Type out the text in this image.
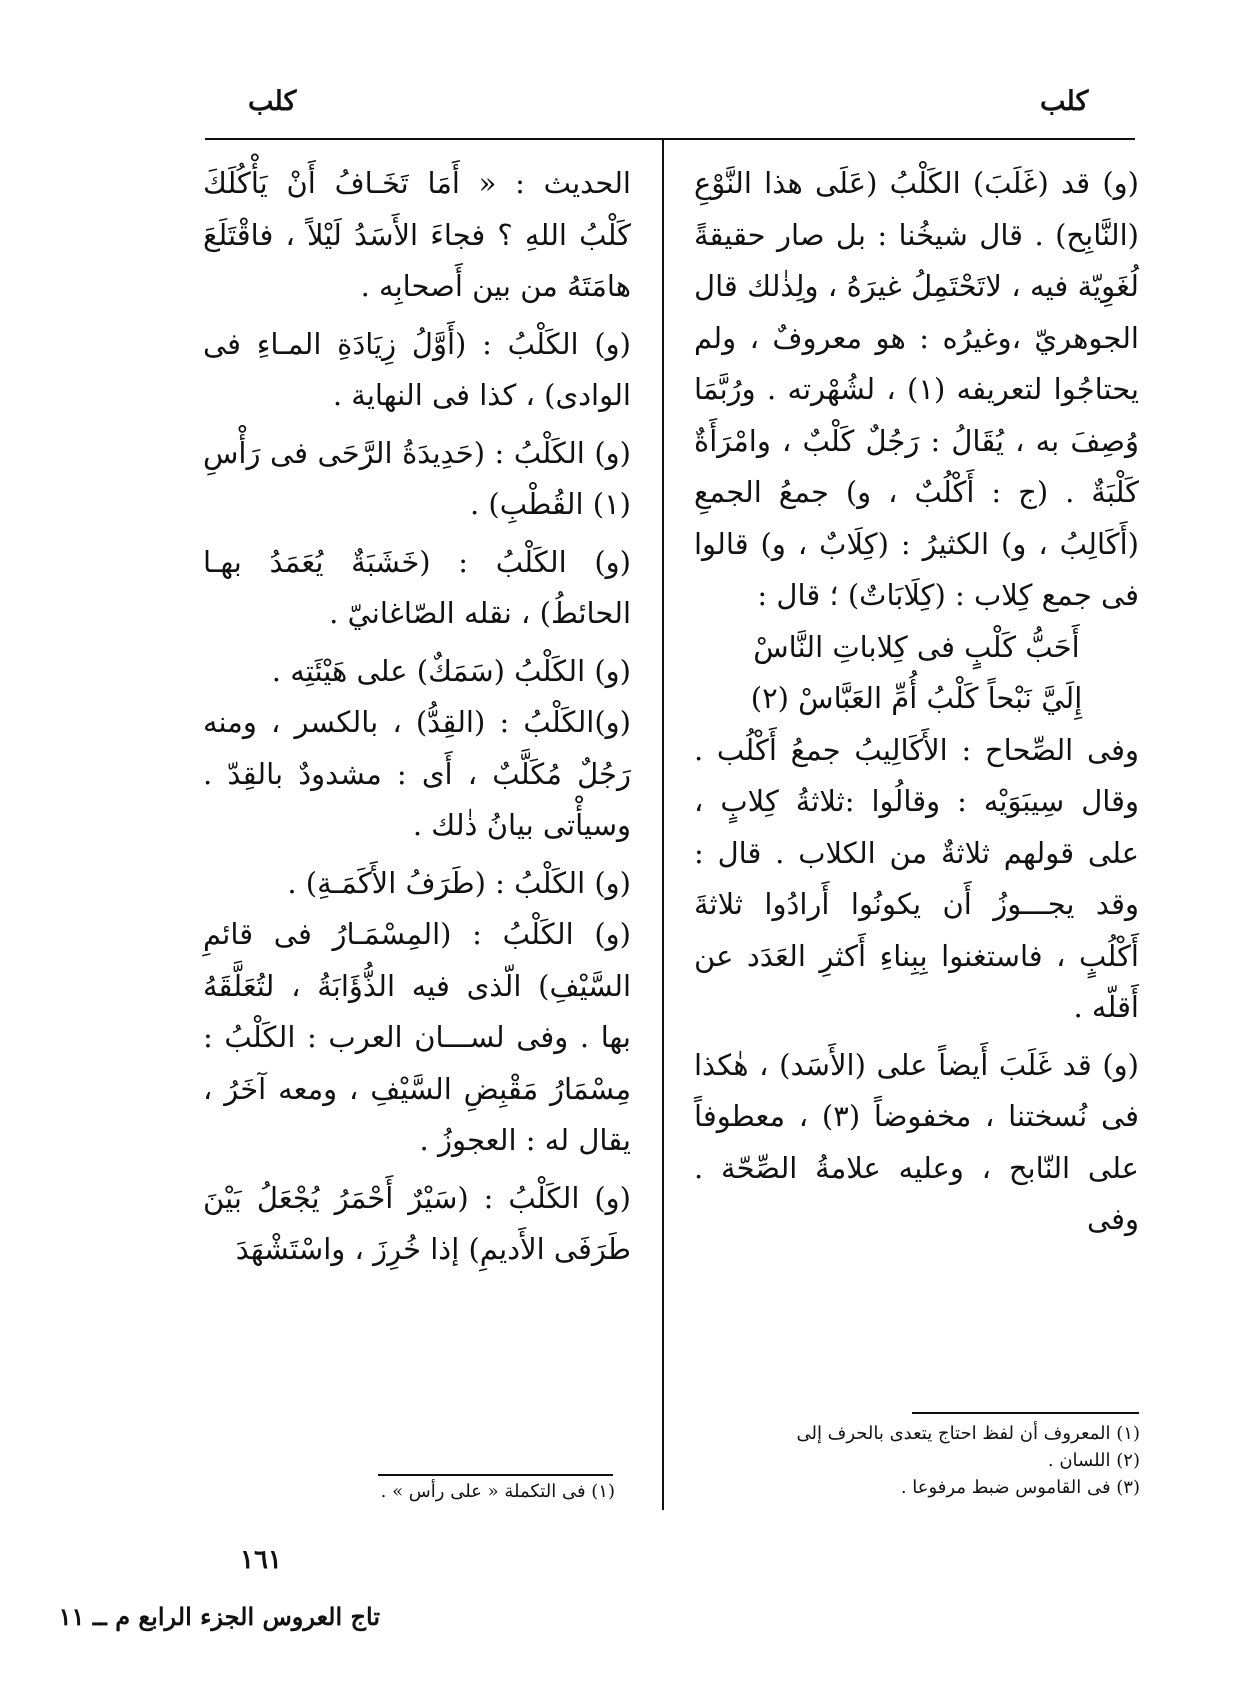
كلب
كلب

(و) قد (غَلَبَ) الكَلْبُ (عَلَى هذا النَّوْعِ (النَّابِح) . قال شيخُنا : بل صار حقيقةً لُغَوِيّة فيه ، لاتَحْتَمِلُ غيرَهُ ، ولِذٰلك قال الجوهريّ ،وغيرُه : هو معروفٌ ، ولم يحتاجُوا لتعريفه (١) ، لشُهْرته . ورُبَّمَا وُصِفَ به ، يُقَالُ : رَجُلٌ كَلْبٌ ، وامْرَأَةٌ كَلْبَةٌ . (ج : أَكْلُبٌ ، و) جمعُ الجمعِ (أَكَالِبُ ، و) الكثيرُ : (كِلَابٌ ، و) قالوا فى جمع كِلاب : (كِلَابَاتٌ) ؛ قال :

أَحَبُّ كَلْبٍ فى كِلاباتِ النَّاسْ

إِلَيَّ نَبْحاً كَلْبُ أُمِّ العَبَّاسْ (٢)

وفى الصِّحاح : الأَكَالِيبُ جمعُ أَكْلُب . وقال سِيبَوَيْه : وقالُوا :ثلاثةُ كِلابٍ ، على قولهم ثلاثةٌ من الكلاب . قال : وقد يجـــوزُ أَن يكونُوا أَرادُوا ثلاثةَ أَكْلُبٍ ، فاستغنوا بِبِناءِ أَكثرِ العَدَد عن أَقلّه .

(و) قد غَلَبَ أَيضاً على (الأَسَد) ، هٰكذا فى نُسختنا ، مخفوضاً (٣) ، معطوفاً على النّابح ، وعليه علامةُ الصِّحّة . وفى

الحديث : « أَمَا تَخَـافُ أَنْ يَأْكُلَكَ كَلْبُ اللهِ ؟ فجاءَ الأَسَدُ لَيْلاً ، فاقْتَلَعَ هامَتَهُ من بين أَصحابِه .

(و) الكَلْبُ : (أَوَّلُ زِيَادَةِ المـاءِ فى الوادى) ، كذا فى النهاية .

(و) الكَلْبُ : (حَدِيدَةُ الرَّحَى فى رَأْسِ (١) القُطْبِ) .

(و) الكَلْبُ : (خَشَبَةٌ يُعَمَدُ بهـا الحائطُ) ، نقله الصّاغانيّ .

(و) الكَلْبُ (سَمَكٌ) على هَيْئَتِه .

(و)الكَلْبُ : (القِدُّ) ، بالكسر ، ومنه رَجُلٌ مُكَلَّبٌ ، أَى : مشدودٌ بالقِدّ . وسيأْتى بيانُ ذٰلك .

(و) الكَلْبُ : (طَرَفُ الأَكَمَـةِ) .

(و) الكَلْبُ : (المِسْمَـارُ فى قائمِ السَّيْفِ) الّذى فيه الذُّؤَابَةُ ، لتُعَلَّقَهُ بها . وفى لســـان العرب : الكَلْبُ : مِسْمَارُ مَقْبِضِ السَّيْفِ ، ومعه آخَرُ ، يقال له : العجوزُ .

(و) الكَلْبُ : (سَيْرٌ أَحْمَرُ يُجْعَلُ بَيْنَ طَرَفَى الأَديمِ) إذا خُرِزَ ، واسْتَشْهَدَ

(١) المعروف أن لفظ احتاج يتعدى بالحرف إلى

(٢) اللسان .

(٣) فى القاموس ضبط مرفوعا .

(١) فى التكملة « على رأس » .

١٦١
تاج العروس الجزء الرابع م ــ ١١
